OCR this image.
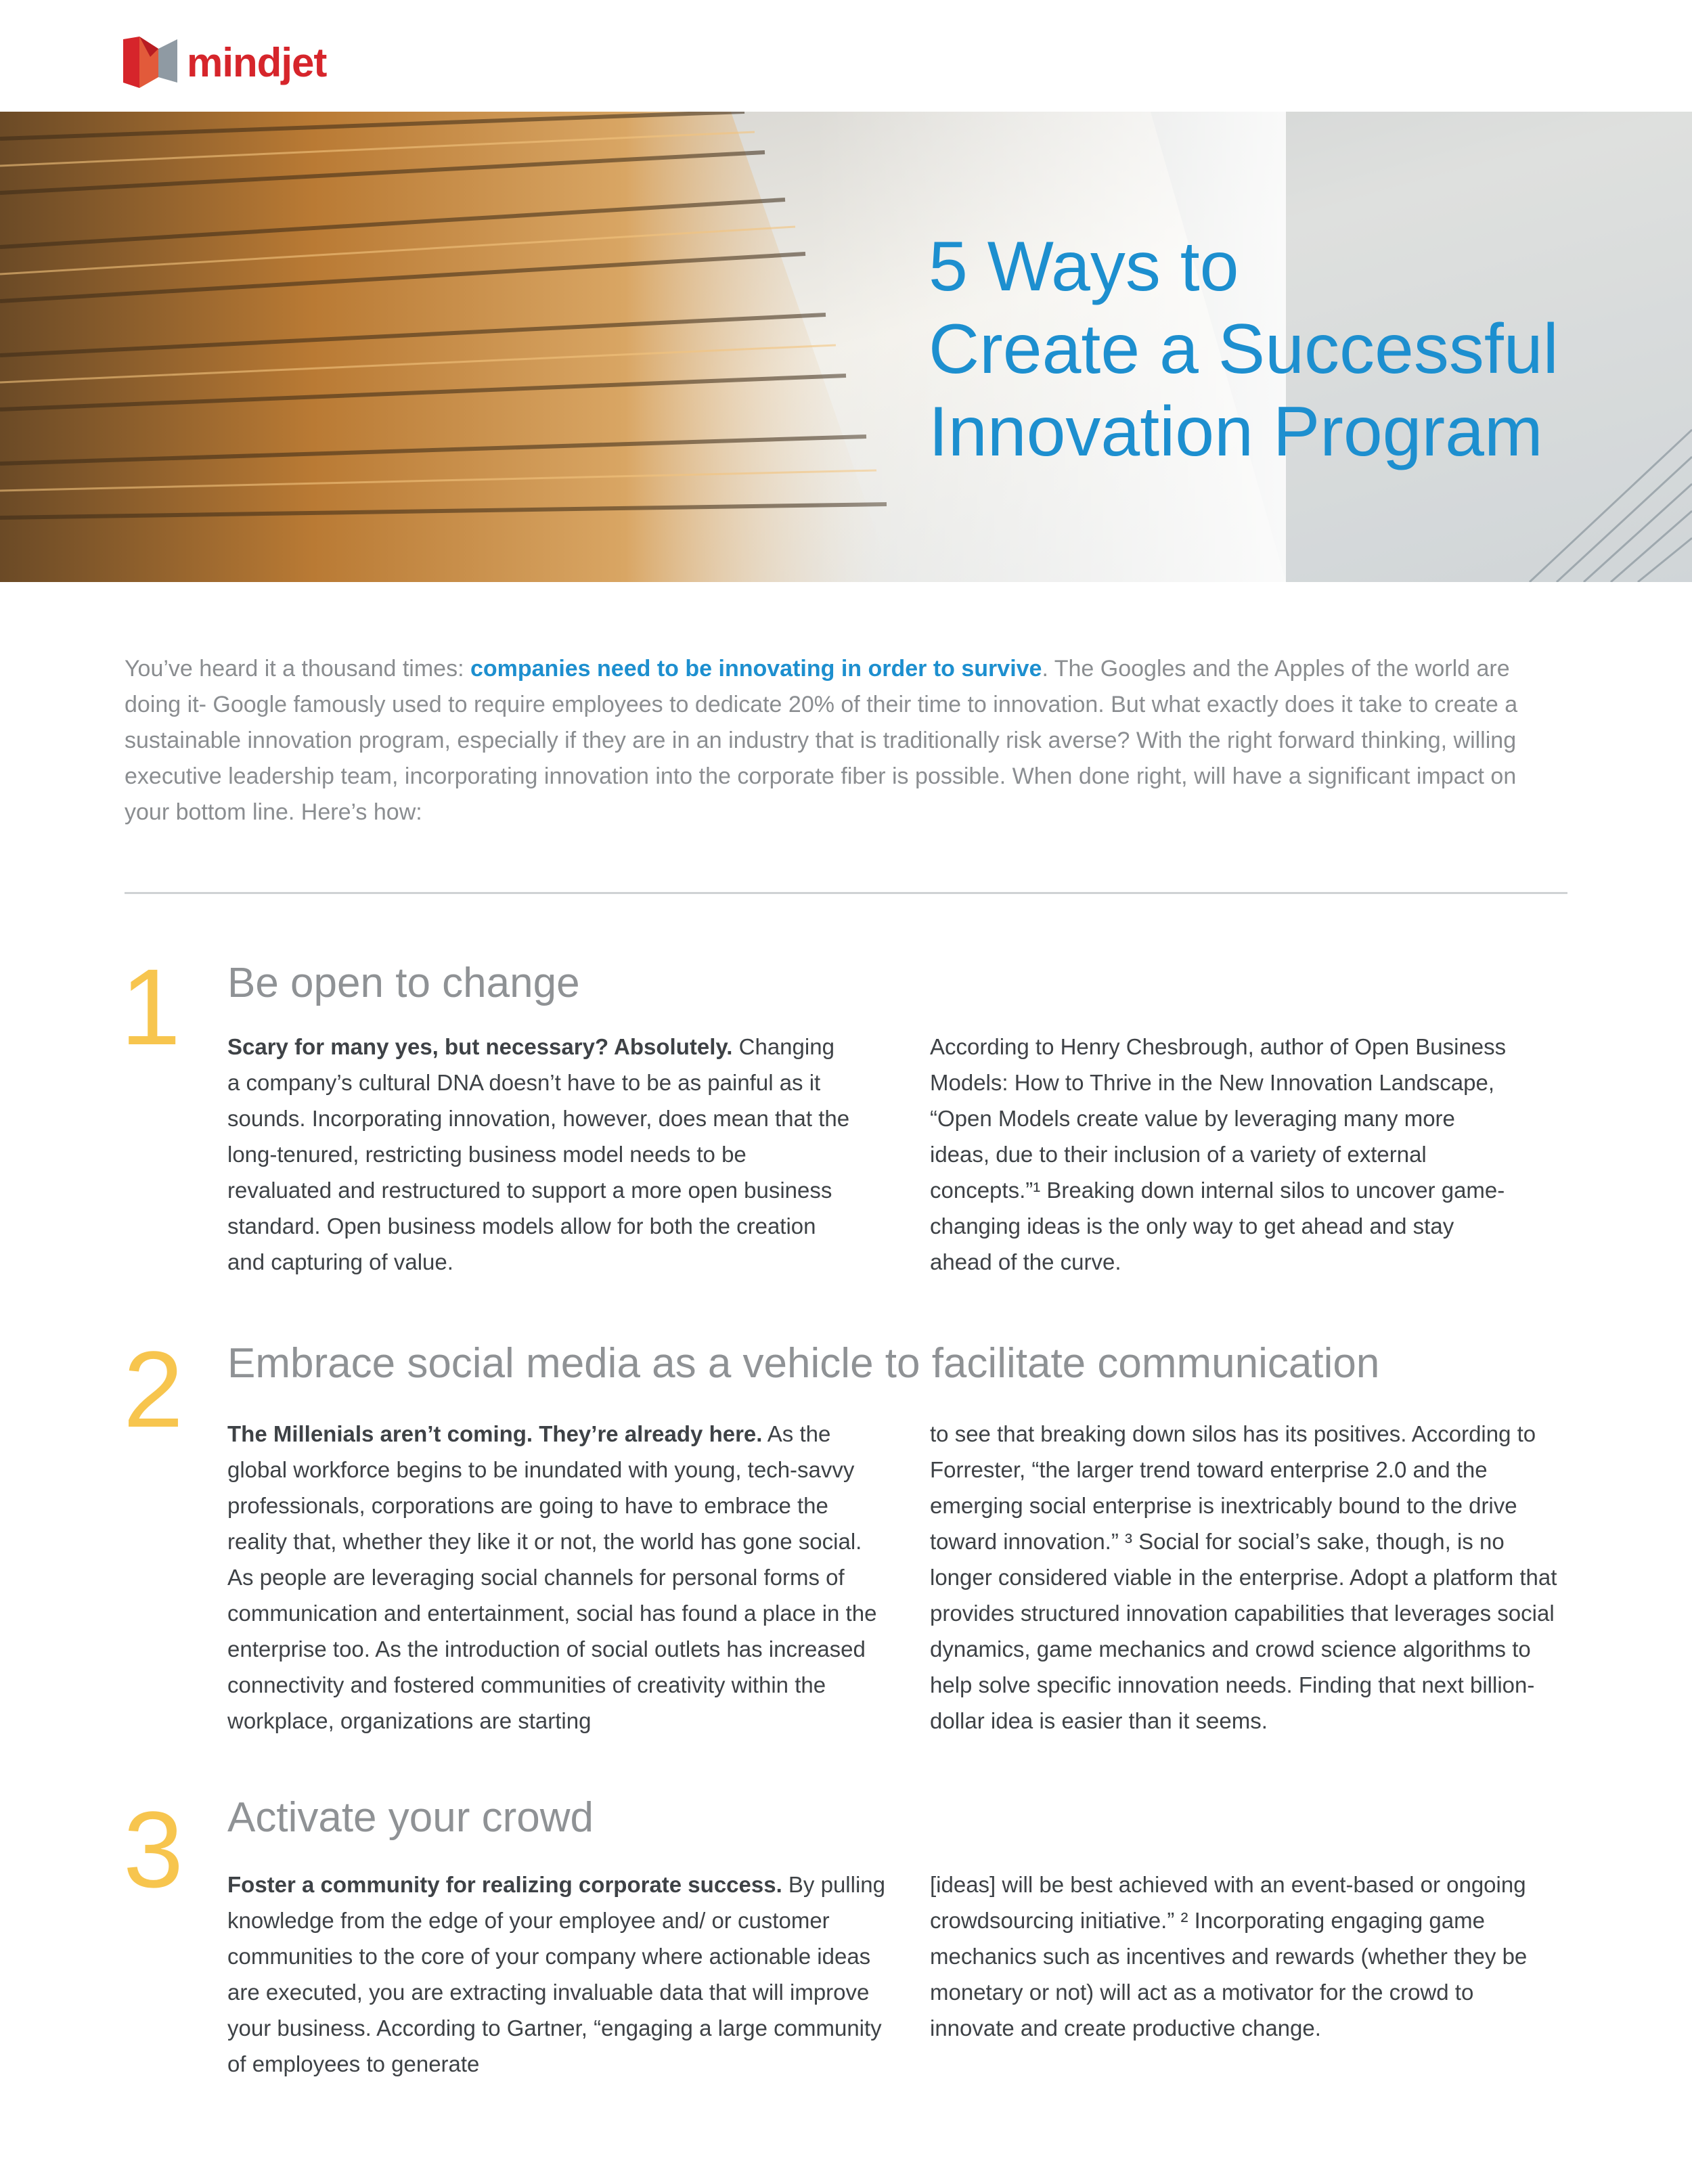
mindjet
5 Ways to
Create a Successful
Innovation Program

You’ve heard it a thousand times: companies need to be innovating in order to survive. The Googles and the Apples of the world are doing it- Google famously used to require employees to dedicate 20% of their time to innovation. But what exactly does it take to create a sustainable innovation program, especially if they are in an industry that is traditionally risk averse? With the right forward thinking, willing executive leadership team, incorporating innovation into the corporate fiber is possible. When done right, will have a significant impact on your bottom line. Here’s how:

1 Be open to change

Scary for many yes, but necessary? Absolutely. Changing a company’s cultural DNA doesn’t have to be as painful as it sounds. Incorporating innovation, however, does mean that the long-tenured, restricting business model needs to be revaluated and restructured to support a more open business standard. Open business models allow for both the creation and capturing of value.

According to Henry Chesbrough, author of Open Business Models: How to Thrive in the New Innovation Landscape, “Open Models create value by leveraging many more ideas, due to their inclusion of a variety of external concepts.”¹ Breaking down internal silos to uncover game-changing ideas is the only way to get ahead and stay ahead of the curve.

2 Embrace social media as a vehicle to facilitate communication

The Millenials aren’t coming. They’re already here. As the global workforce begins to be inundated with young, tech-savvy professionals, corporations are going to have to embrace the reality that, whether they like it or not, the world has gone social. As people are leveraging social channels for personal forms of communication and entertainment, social has found a place in the enterprise too. As the introduction of social outlets has increased connectivity and fostered communities of creativity within the workplace, organizations are starting

to see that breaking down silos has its positives. According to Forrester, “the larger trend toward enterprise 2.0 and the emerging social enterprise is inextricably bound to the drive toward innovation.” ³ Social for social’s sake, though, is no longer considered viable in the enterprise. Adopt a platform that provides structured innovation capabilities that leverages social dynamics, game mechanics and crowd science algorithms to help solve specific innovation needs. Finding that next billion-dollar idea is easier than it seems.

3 Activate your crowd

Foster a community for realizing corporate success. By pulling knowledge from the edge of your employee and/ or customer communities to the core of your company where actionable ideas are executed, you are extracting invaluable data that will improve your business. According to Gartner, “engaging a large community of employees to generate

[ideas] will be best achieved with an event-based or ongoing crowdsourcing initiative.” ² Incorporating engaging game mechanics such as incentives and rewards (whether they be monetary or not) will act as a motivator for the crowd to innovate and create productive change.
